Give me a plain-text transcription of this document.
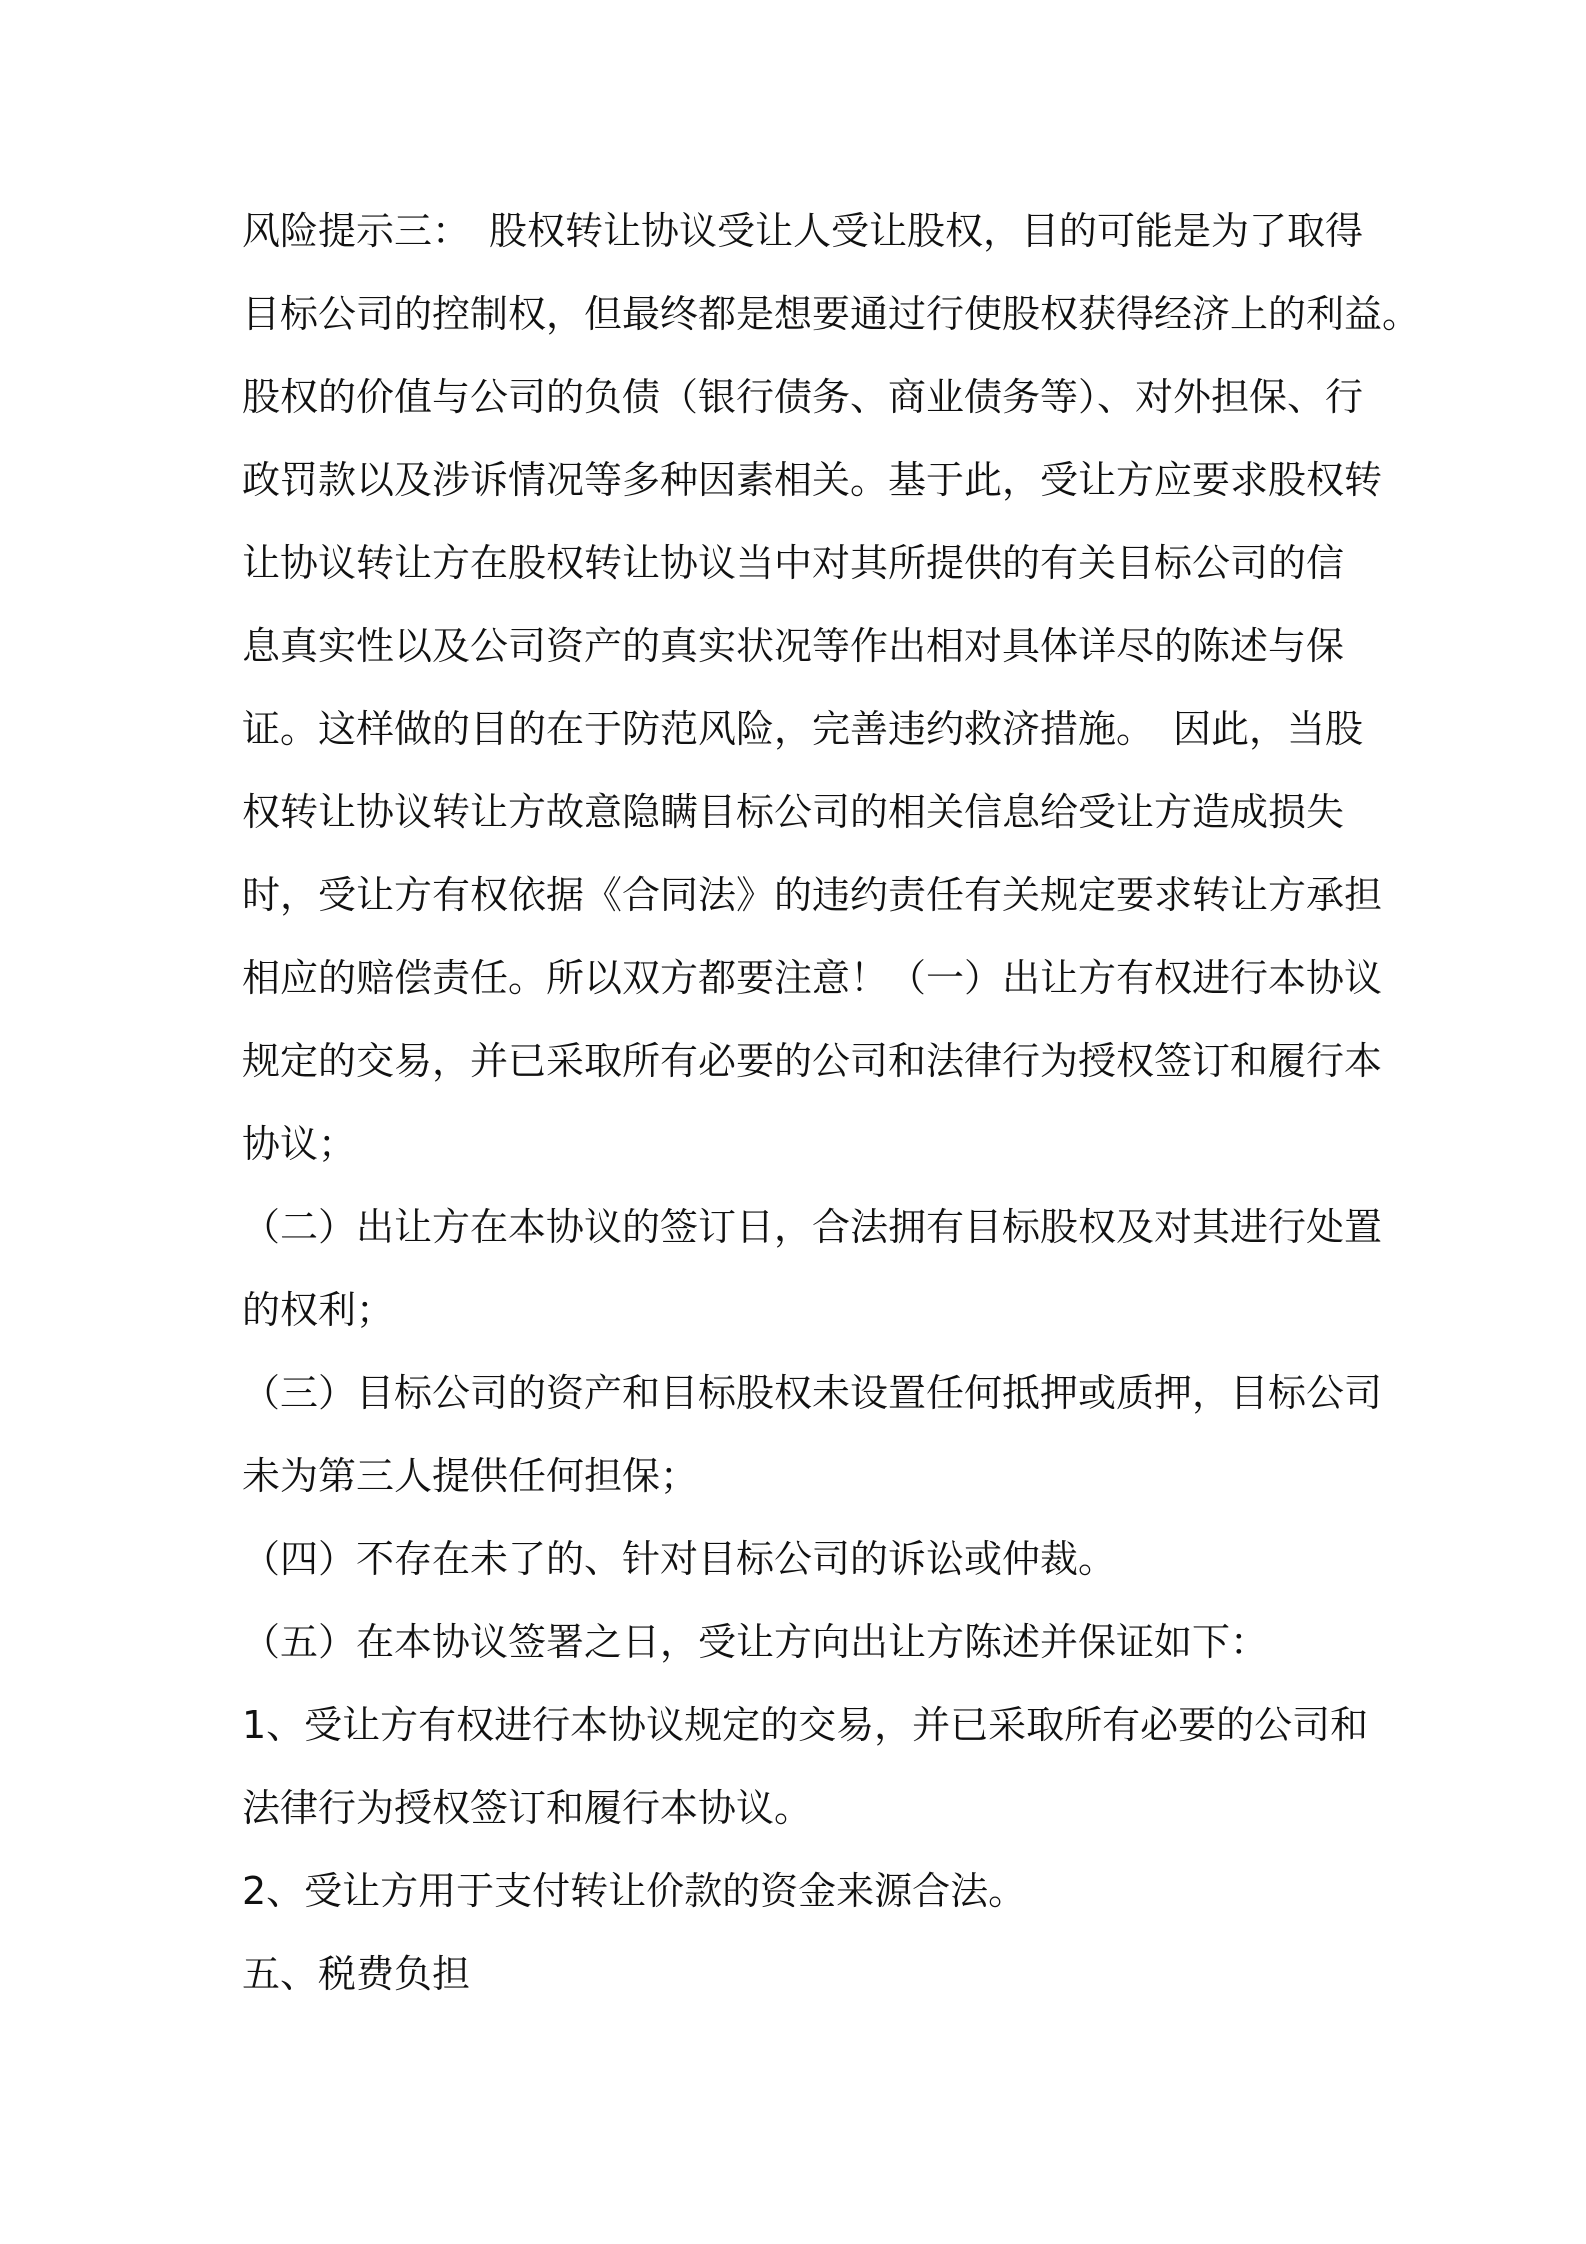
风险提示三：　股权转让协议受让人受让股权，目的可能是为了取得

目标公司的控制权，但最终都是想要通过行使股权获得经济上的利益。

股权的价值与公司的负债（银行债务、商业债务等）、对外担保、行

政罚款以及涉诉情况等多种因素相关。基于此，受让方应要求股权转

让协议转让方在股权转让协议当中对其所提供的有关目标公司的信

息真实性以及公司资产的真实状况等作出相对具体详尽的陈述与保

证。这样做的目的在于防范风险，完善违约救济措施。　因此，当股

权转让协议转让方故意隐瞒目标公司的相关信息给受让方造成损失

时，受让方有权依据《合同法》的违约责任有关规定要求转让方承担

相应的赔偿责任。所以双方都要注意！（一）出让方有权进行本协议

规定的交易，并已采取所有必要的公司和法律行为授权签订和履行本

协议；

（二）出让方在本协议的签订日，合法拥有目标股权及对其进行处置

的权利；

（三）目标公司的资产和目标股权未设置任何抵押或质押，目标公司

未为第三人提供任何担保；

（四）不存在未了的、针对目标公司的诉讼或仲裁。

（五）在本协议签署之日，受让方向出让方陈述并保证如下：

1、受让方有权进行本协议规定的交易，并已采取所有必要的公司和

法律行为授权签订和履行本协议。

2、受让方用于支付转让价款的资金来源合法。

五、税费负担
